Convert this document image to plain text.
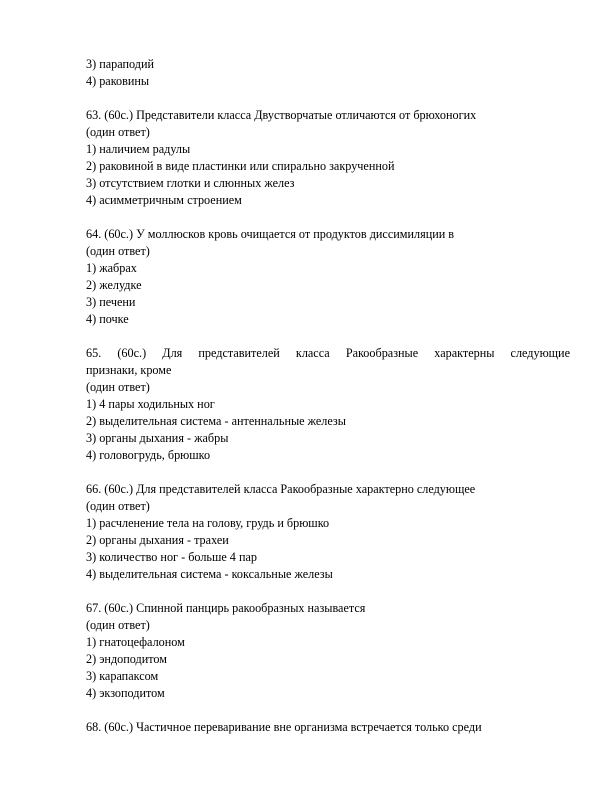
3) параподий
4) раковины
63. (60с.) Представители класса Двустворчатые отличаются от брюхоногих
(один ответ)
1) наличием радулы
2) раковиной в виде пластинки или спирально закрученной
3) отсутствием глотки и слюнных желез
4) асимметричным строением
64. (60с.) У моллюсков кровь очищается от продуктов диссимиляции в
(один ответ)
1) жабрах
2) желудке
3) печени
4) почке
65. (60с.) Для представителей класса Ракообразные характерны следующие
признаки, кроме
(один ответ)
1) 4 пары ходильных ног
2) выделительная система - антеннальные железы
3) органы дыхания - жабры
4) головогрудь, брюшко
66. (60с.) Для представителей класса Ракообразные характерно следующее
(один ответ)
1) расчленение тела на голову, грудь и брюшко
2) органы дыхания - трахеи
3) количество ног - больше 4 пар
4) выделительная система - коксальные железы
67. (60с.) Спинной панцирь ракообразных называется
(один ответ)
1) гнатоцефалоном
2) эндоподитом
3) карапаксом
4) экзоподитом
68. (60с.) Частичное переваривание вне организма встречается только среди
